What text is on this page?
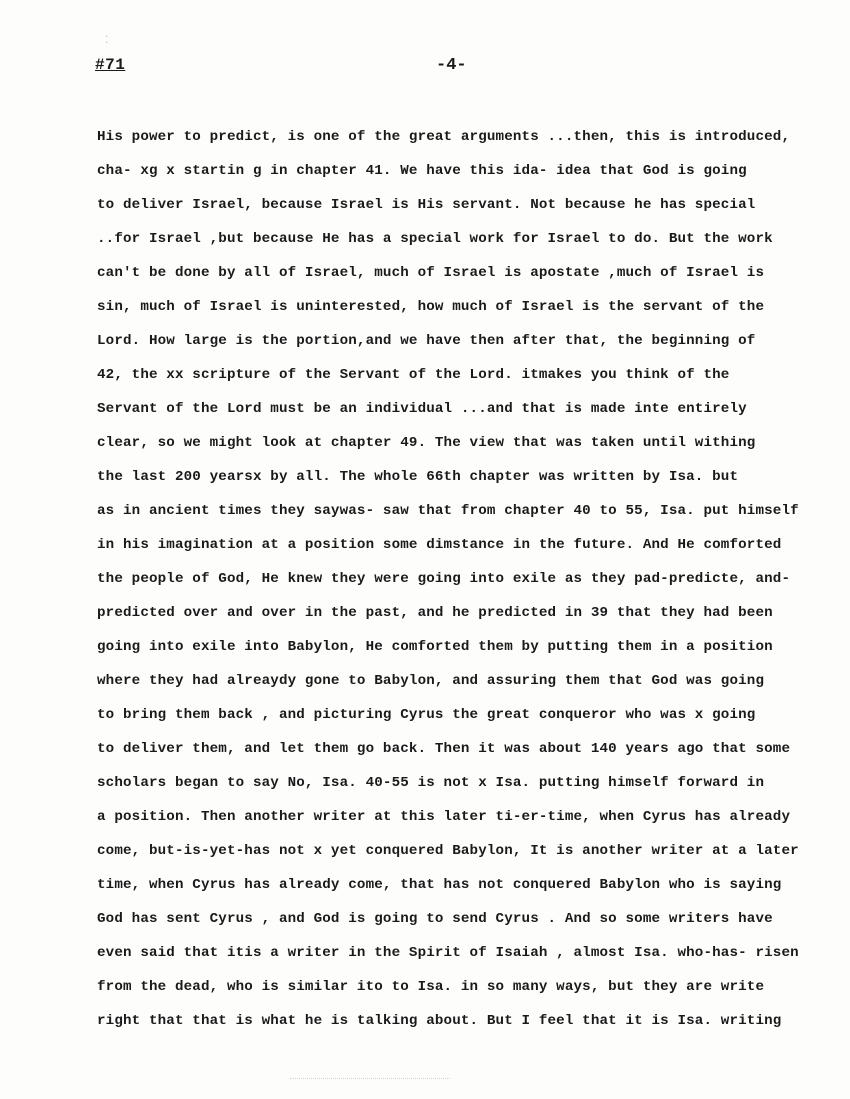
· ·
#71	-4-
His power to predict, is one of the great arguments ...then, this is introduced,
cha- xg x startin g in chapter 41. We have this ida- idea that God is going
to deliver Israel, because Israel is His servant. Not because he has special
..for Israel ,but because He has a special work for Israel to do. But the work
can't be done by all of Israel, much of Israel is apostate ,much of Israel is
sin, much of Israel is uninterested, how much of Israel is the servant of the
Lord. How large is the portion,and we have then after that, the beginning of
42, the xx scripture of the Servant of the Lord. itmakes you think of the
Servant of the Lord must be an individual ...and that is made inte entirely
clear, so we might look at chapter 49. The view that was taken until withing
the last 200 yearsx by all. The whole 66th chapter was written by Isa. but
as in ancient times they saywas- saw that from chapter 40 to 55, Isa. put himself
in his imagination at a position some dimstance in the future. And He comforted
the people of God, He knew they were going into exile as they pad-predicte, and-
predicted over and over in the past, and he predicted in 39 that they had been
going into exile into Babylon, He comforted them by putting them in a position
where they had alreaydy gone to Babylon, and assuring them that God was going
to bring them back , and picturing Cyrus the great conqueror who was x going
to deliver them, and let them go back. Then it was about 140 years ago that some
scholars began to say No, Isa. 40-55 is not x Isa. putting himself forward in
a position. Then another writer at this later ti-er-time, when Cyrus has already
come, but-is-yet-has not x yet conquered Babylon, It is another writer at a later
time, when Cyrus has already come, that has not conquered Babylon who is saying
God has sent Cyrus , and God is going to send Cyrus . And so some writers have
even said that itis a writer in the Spirit of Isaiah , almost Isa. who-has- risen
from the dead, who is similar ito to Isa. in so many ways, but they are write
right that that is what he is talking about. But I feel that it is Isa. writing
